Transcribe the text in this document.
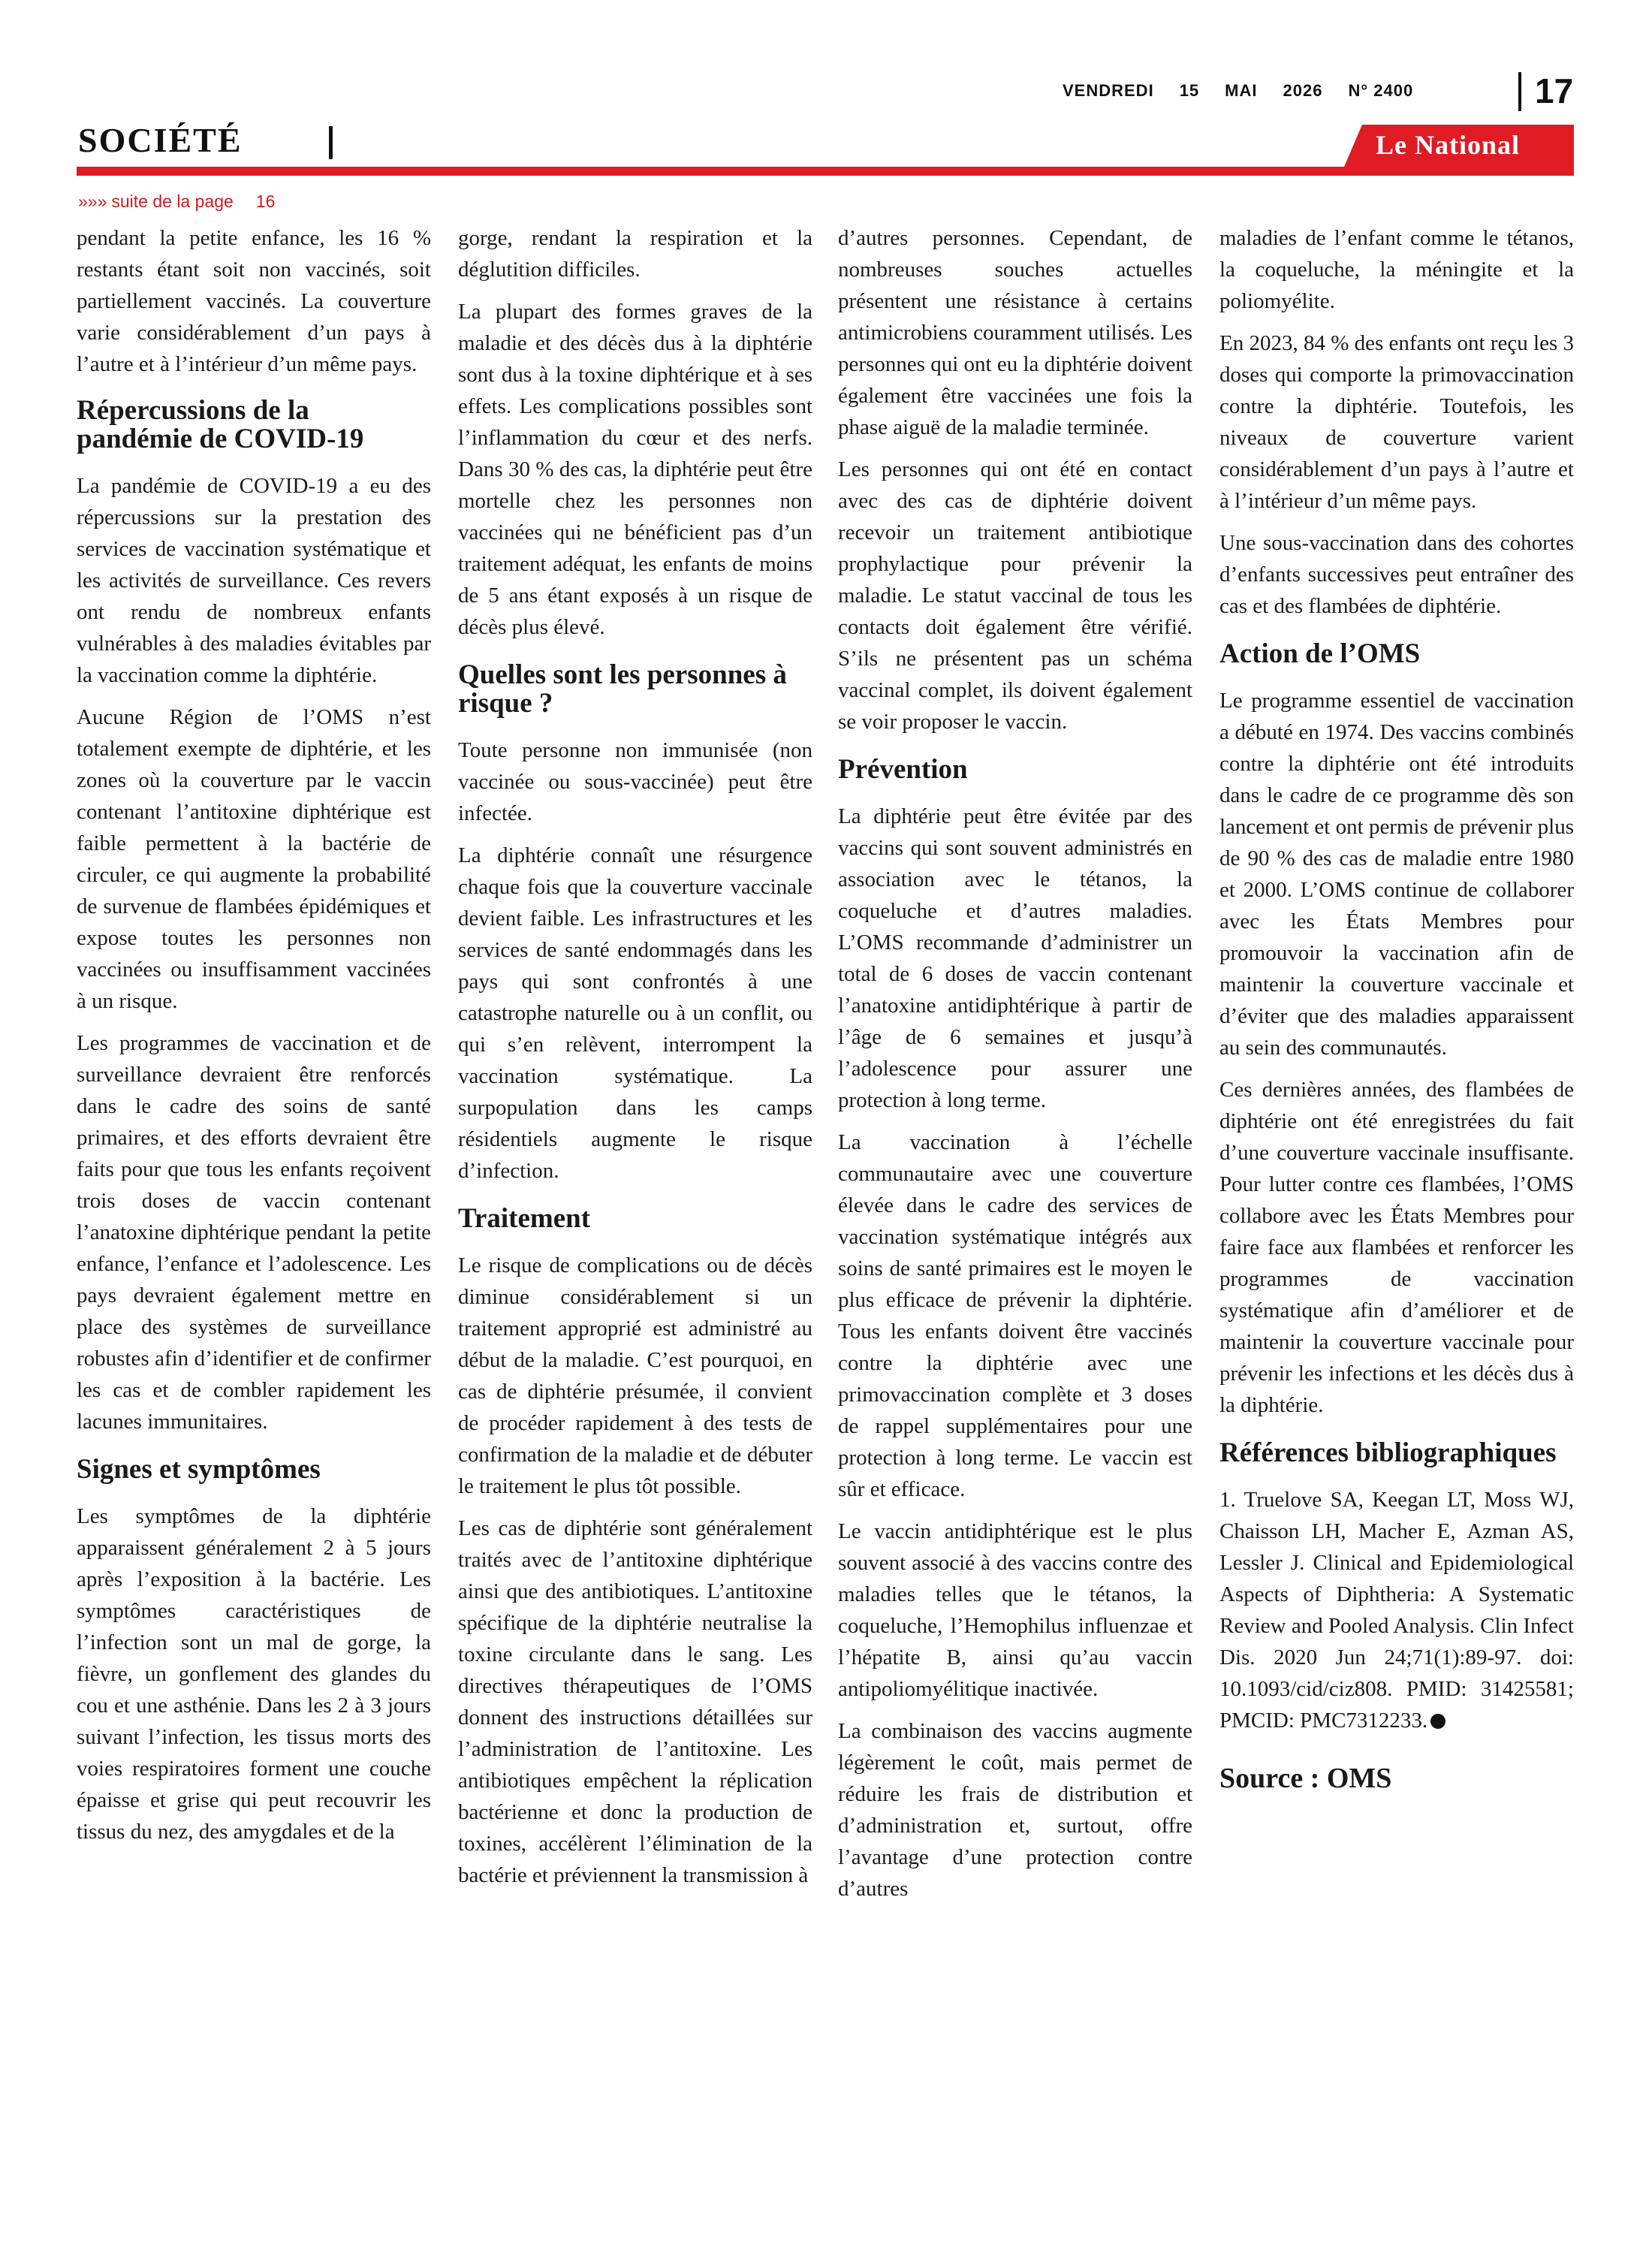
VENDREDI 15 MAI 2026 N° 2400	17
SOCIÉTÉ	Le National
»»» suite de la page 16

pendant la petite enfance, les 16 % restants étant soit non vaccinés, soit partiellement vaccinés. La couverture varie considérablement d’un pays à l’autre et à l’intérieur d’un même pays.

Répercussions de la pandémie de COVID-19

La pandémie de COVID-19 a eu des répercussions sur la prestation des services de vaccination systématique et les activités de surveillance. Ces revers ont rendu de nombreux enfants vulnérables à des maladies évitables par la vaccination comme la diphtérie.

Aucune Région de l’OMS n’est totalement exempte de diphtérie, et les zones où la couverture par le vaccin contenant l’antitoxine diphtérique est faible permettent à la bactérie de circuler, ce qui augmente la probabilité de survenue de flambées épidémiques et expose toutes les personnes non vaccinées ou insuffisamment vaccinées à un risque.

Les programmes de vaccination et de surveillance devraient être renforcés dans le cadre des soins de santé primaires, et des efforts devraient être faits pour que tous les enfants reçoivent trois doses de vaccin contenant l’anatoxine diphtérique pendant la petite enfance, l’enfance et l’adolescence. Les pays devraient également mettre en place des systèmes de surveillance robustes afin d’identifier et de confirmer les cas et de combler rapidement les lacunes immunitaires.

Signes et symptômes

Les symptômes de la diphtérie apparaissent généralement 2 à 5 jours après l’exposition à la bactérie. Les symptômes caractéristiques de l’infection sont un mal de gorge, la fièvre, un gonflement des glandes du cou et une asthénie. Dans les 2 à 3 jours suivant l’infection, les tissus morts des voies respiratoires forment une couche épaisse et grise qui peut recouvrir les tissus du nez, des amygdales et de la

gorge, rendant la respiration et la déglutition difficiles.

La plupart des formes graves de la maladie et des décès dus à la diphtérie sont dus à la toxine diphtérique et à ses effets. Les complications possibles sont l’inflammation du cœur et des nerfs. Dans 30 % des cas, la diphtérie peut être mortelle chez les personnes non vaccinées qui ne bénéficient pas d’un traitement adéquat, les enfants de moins de 5 ans étant exposés à un risque de décès plus élevé.

Quelles sont les personnes à risque ?

Toute personne non immunisée (non vaccinée ou sous-vaccinée) peut être infectée.

La diphtérie connaît une résurgence chaque fois que la couverture vaccinale devient faible. Les infrastructures et les services de santé endommagés dans les pays qui sont confrontés à une catastrophe naturelle ou à un conflit, ou qui s’en relèvent, interrompent la vaccination systématique. La surpopulation dans les camps résidentiels augmente le risque d’infection.

Traitement

Le risque de complications ou de décès diminue considérablement si un traitement approprié est administré au début de la maladie. C’est pourquoi, en cas de diphtérie présumée, il convient de procéder rapidement à des tests de confirmation de la maladie et de débuter le traitement le plus tôt possible.

Les cas de diphtérie sont généralement traités avec de l’antitoxine diphtérique ainsi que des antibiotiques. L’antitoxine spécifique de la diphtérie neutralise la toxine circulante dans le sang. Les directives thérapeutiques de l’OMS donnent des instructions détaillées sur l’administration de l’antitoxine. Les antibiotiques empêchent la réplication bactérienne et donc la production de toxines, accélèrent l’élimination de la bactérie et préviennent la transmission à

d’autres personnes. Cependant, de nombreuses souches actuelles présentent une résistance à certains antimicrobiens couramment utilisés. Les personnes qui ont eu la diphtérie doivent également être vaccinées une fois la phase aiguë de la maladie terminée.

Les personnes qui ont été en contact avec des cas de diphtérie doivent recevoir un traitement antibiotique prophylactique pour prévenir la maladie. Le statut vaccinal de tous les contacts doit également être vérifié. S’ils ne présentent pas un schéma vaccinal complet, ils doivent également se voir proposer le vaccin.

Prévention

La diphtérie peut être évitée par des vaccins qui sont souvent administrés en association avec le tétanos, la coqueluche et d’autres maladies. L’OMS recommande d’administrer un total de 6 doses de vaccin contenant l’anatoxine antidiphtérique à partir de l’âge de 6 semaines et jusqu’à l’adolescence pour assurer une protection à long terme.

La vaccination à l’échelle communautaire avec une couverture élevée dans le cadre des services de vaccination systématique intégrés aux soins de santé primaires est le moyen le plus efficace de prévenir la diphtérie. Tous les enfants doivent être vaccinés contre la diphtérie avec une primovaccination complète et 3 doses de rappel supplémentaires pour une protection à long terme. Le vaccin est sûr et efficace.

Le vaccin antidiphtérique est le plus souvent associé à des vaccins contre des maladies telles que le tétanos, la coqueluche, l’Hemophilus influenzae et l’hépatite B, ainsi qu’au vaccin antipoliomyélitique inactivée.

La combinaison des vaccins augmente légèrement le coût, mais permet de réduire les frais de distribution et d’administration et, surtout, offre l’avantage d’une protection contre d’autres

maladies de l’enfant comme le tétanos, la coqueluche, la méningite et la poliomyélite.

En 2023, 84 % des enfants ont reçu les 3 doses qui comporte la primovaccination contre la diphtérie. Toutefois, les niveaux de couverture varient considérablement d’un pays à l’autre et à l’intérieur d’un même pays.

Une sous-vaccination dans des cohortes d’enfants successives peut entraîner des cas et des flambées de diphtérie.

Action de l’OMS

Le programme essentiel de vaccination a débuté en 1974. Des vaccins combinés contre la diphtérie ont été introduits dans le cadre de ce programme dès son lancement et ont permis de prévenir plus de 90 % des cas de maladie entre 1980 et 2000. L’OMS continue de collaborer avec les États Membres pour promouvoir la vaccination afin de maintenir la couverture vaccinale et d’éviter que des maladies apparaissent au sein des communautés.

Ces dernières années, des flambées de diphtérie ont été enregistrées du fait d’une couverture vaccinale insuffisante. Pour lutter contre ces flambées, l’OMS collabore avec les États Membres pour faire face aux flambées et renforcer les programmes de vaccination systématique afin d’améliorer et de maintenir la couverture vaccinale pour prévenir les infections et les décès dus à la diphtérie.

Références bibliographiques

1. Truelove SA, Keegan LT, Moss WJ, Chaisson LH, Macher E, Azman AS, Lessler J. Clinical and Epidemiological Aspects of Diphtheria: A Systematic Review and Pooled Analysis. Clin Infect Dis. 2020 Jun 24;71(1):89-97. doi: 10.1093/cid/ciz808. PMID: 31425581; PMCID: PMC7312233.

Source : OMS
